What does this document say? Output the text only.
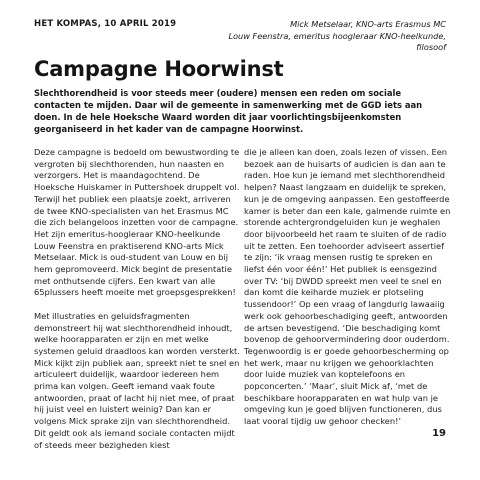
HET KOMPAS, 10 APRIL 2019	Mick Metselaar, KNO-arts Erasmus MC
Louw Feenstra, emeritus hoogleraar KNO-heelkunde, filosoof
Campagne Hoorwinst
Slechthorendheid is voor steeds meer (oudere) mensen een reden om sociale contacten te mijden. Daar wil de gemeente in samenwerking met de GGD iets aan doen. In de hele Hoeksche Waard worden dit jaar voorlichtingsbijeenkomsten georganiseerd in het kader van de campagne Hoorwinst.

Deze campagne is bedoeld om bewustwording te vergroten bij slechthorenden, hun naasten en verzorgers. Het is maandagochtend. De Hoeksche Huiskamer in Puttershoek druppelt vol. Terwijl het publiek een plaatsje zoekt, arriveren de twee KNO-specialisten van het Erasmus MC die zich belangeloos inzetten voor de campagne. Het zijn emeritus-hoogleraar KNO-heelkunde Louw Feenstra en praktiserend KNO-arts Mick Metselaar. Mick is oud-student van Louw en bij hem gepromoveerd. Mick begint de presentatie met onthutsende cijfers. Een kwart van alle 65plussers heeft moeite met groepsgesprekken!

Met illustraties en geluidsfragmenten demonstreert hij wat slechthorendheid inhoudt, welke hoorapparaten er zijn en met welke systemen geluid draadloos kan worden versterkt. Mick kijkt zijn publiek aan, spreekt niet te snel en articuleert duidelijk, waardoor iedereen hem prima kan volgen. Geeft iemand vaak foute antwoorden, praat of lacht hij niet mee, of praat hij juist veel en luistert weinig? Dan kan er volgens Mick sprake zijn van slechthorendheid. Dit geldt ook als iemand sociale contacten mijdt of steeds meer bezigheden kiest

die je alleen kan doen, zoals lezen of vissen. Een bezoek aan de huisarts of audicien is dan aan te raden. Hoe kun je iemand met slechthorendheid helpen? Naast langzaam en duidelijk te spreken, kun je de omgeving aanpassen. Een gestoffeerde kamer is beter dan een kale, galmende ruimte en storende achtergrondgeluiden kun je weghalen door bijvoorbeeld het raam te sluiten of de radio uit te zetten. Een toehoorder adviseert assertief te zijn: ‘ik vraag mensen rustig te spreken en liefst één voor één!’ Het publiek is eensgezind over TV: ‘bij DWDD spreekt men veel te snel en dan komt die keiharde muziek er plotseling tussendoor!’ Op een vraag of langdurig lawaaiig werk ook gehoorbeschadiging geeft, antwoorden de artsen bevestigend. ‘Die beschadiging komt bovenop de gehoorvermindering door ouderdom. Tegenwoordig is er goede gehoorbescherming op het werk, maar nu krijgen we gehoorklachten door luide muziek van koptelefoons en popconcerten.’ ‘Maar’, sluit Mick af, ‘met de beschikbare hoorapparaten en wat hulp van je omgeving kun je goed blijven functioneren, dus laat vooral tijdig uw gehoor checken!’

19
